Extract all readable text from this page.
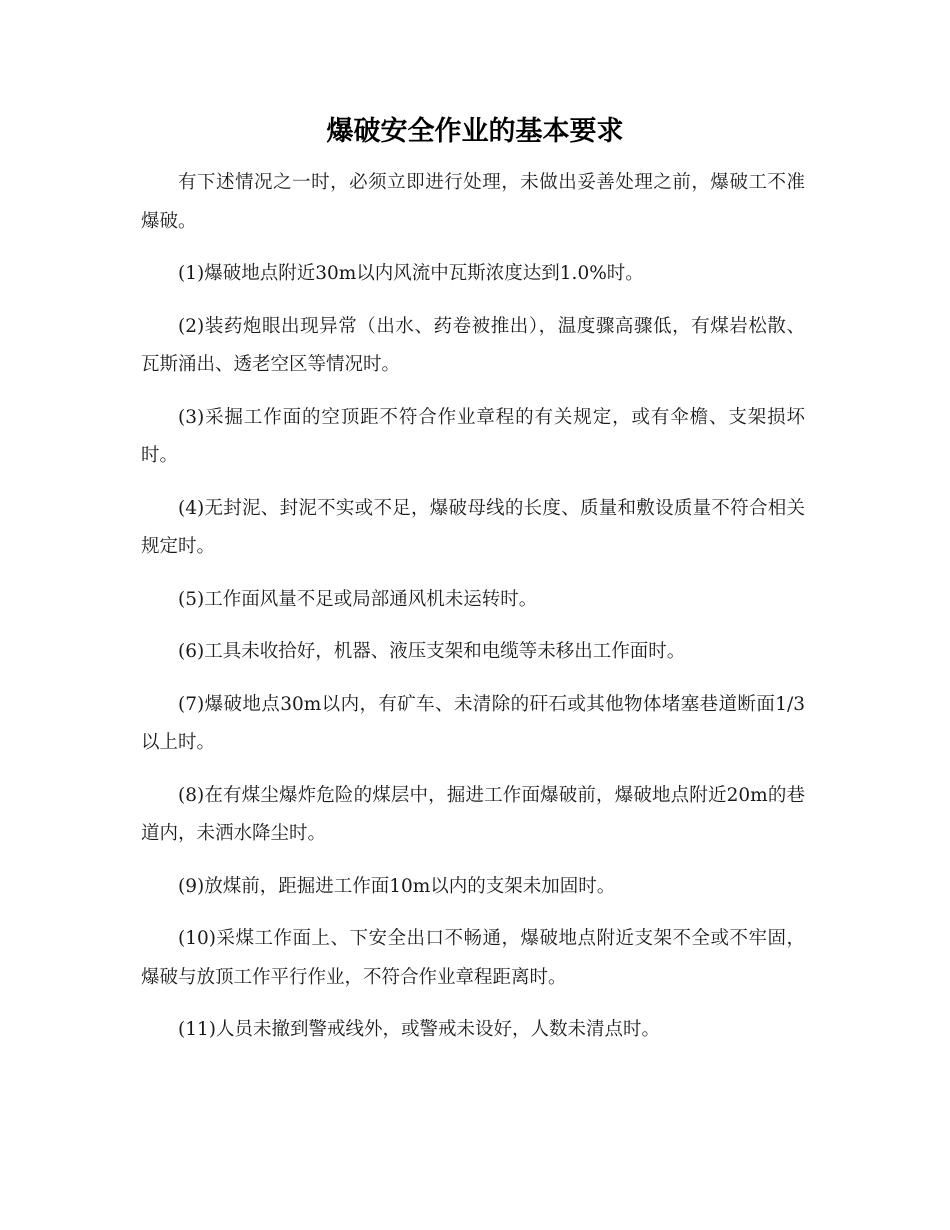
爆破安全作业的基本要求

有下述情况之一时，必须立即进行处理，未做出妥善处理之前，爆破工不准爆破。

(1)爆破地点附近30m以内风流中瓦斯浓度达到1.0%时。

(2)装药炮眼出现异常（出水、药卷被推出），温度骤高骤低，有煤岩松散、瓦斯涌出、透老空区等情况时。

(3)采掘工作面的空顶距不符合作业章程的有关规定，或有伞檐、支架损坏时。

(4)无封泥、封泥不实或不足，爆破母线的长度、质量和敷设质量不符合相关规定时。

(5)工作面风量不足或局部通风机未运转时。

(6)工具未收拾好，机器、液压支架和电缆等未移出工作面时。

(7)爆破地点30m以内，有矿车、未清除的矸石或其他物体堵塞巷道断面1/3以上时。

(8)在有煤尘爆炸危险的煤层中，掘进工作面爆破前，爆破地点附近20m的巷道内，未洒水降尘时。

(9)放煤前，距掘进工作面10m以内的支架未加固时。

(10)采煤工作面上、下安全出口不畅通，爆破地点附近支架不全或不牢固，爆破与放顶工作平行作业，不符合作业章程距离时。

(11)人员未撤到警戒线外，或警戒未设好，人数未清点时。
